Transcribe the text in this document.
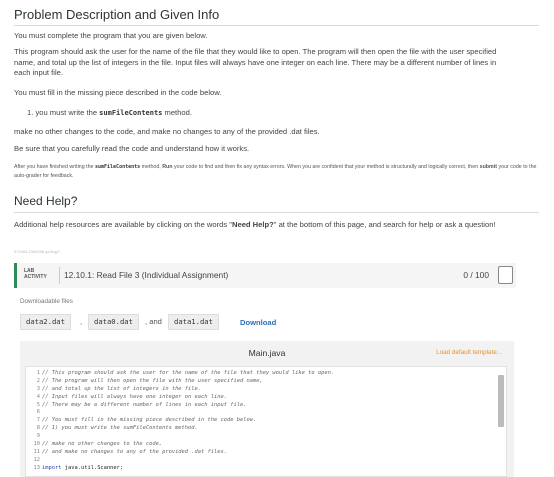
Problem Description and Given Info
You must complete the program that you are given below.
This program should ask the user for the name of the file that they would like to open. The program will then open the file with the user specified name, and total up the list of integers in the file. Input files will always have one integer on each line. There may be a different number of lines in each input file.
You must fill in the missing piece described in the code below.
1. you must write the sumFileContents method.
make no other changes to the code, and make no changes to any of the provided .dat files.
Be sure that you carefully read the code and understand how it works.
After you have finished writing the sumFileContents method, Run your code to find and then fix any syntax errors. When you are confident that your method is structurally and logically correct, then submit your code to the auto-grader for feedback.
Need Help?
Additional help resources are available by clicking on the words "Need Help?" at the bottom of this page, and search for help or ask a question!
374454.2389058.qx3zqy7
LAB
ACTIVITY 12.10.1: Read File 3 (Individual Assignment)	0 / 100
Downloadable files
data2.dat	,	data0.dat	, and	data1.dat	Download
Main.java	Load default template...
1
2
3
4
5
6
7
8
9
10
11
12
13
// This program should ask the user for the name of the file that they would like to open.
// The program will then open the file with the user specified name,
// and total up the list of integers in the file.
// Input files will always have one integer on each line.
// There may be a different number of lines in each input file.
// You must fill in the missing piece described in the code below.
// 1) you must write the sumFileContents method.
// make no other changes to the code,
// and make no changes to any of the provided .dat files.
import java.util.Scanner;
